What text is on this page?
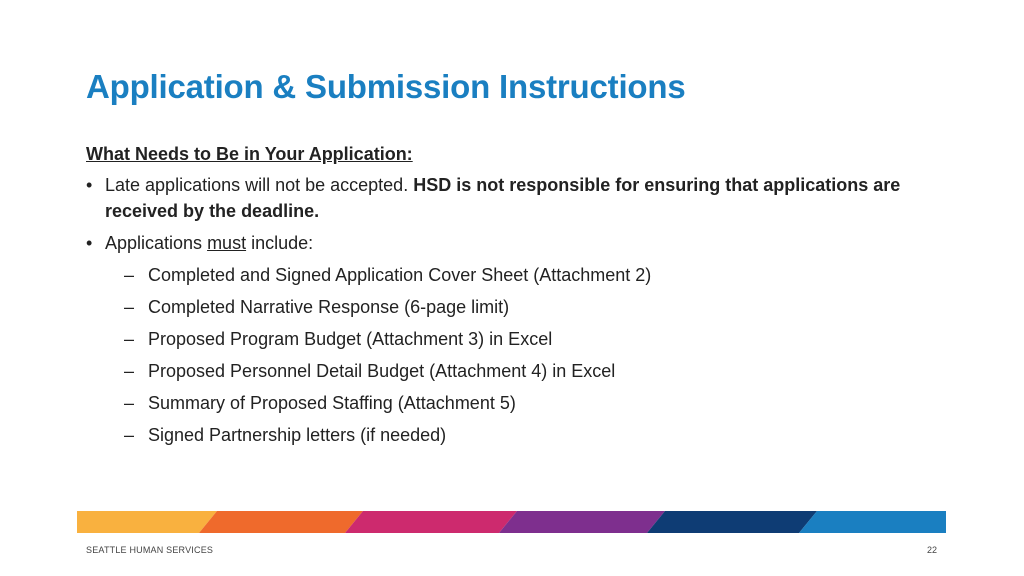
Application & Submission Instructions
What Needs to Be in Your Application:
• Late applications will not be accepted. HSD is not responsible for ensuring that applications are received by the deadline.
• Applications must include:
– Completed and Signed Application Cover Sheet (Attachment 2)
– Completed Narrative Response (6-page limit)
– Proposed Program Budget (Attachment 3) in Excel
– Proposed Personnel Detail Budget (Attachment 4) in Excel
– Summary of Proposed Staffing (Attachment 5)
– Signed Partnership letters (if needed)
SEATTLE HUMAN SERVICES	22
